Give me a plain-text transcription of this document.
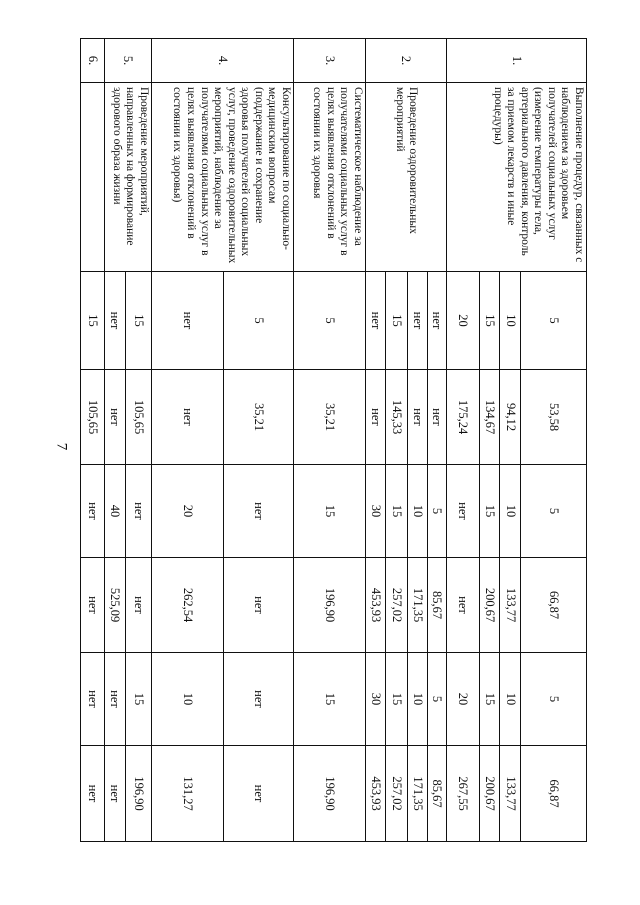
7
1.	Выполнение процедур, связанных с наблюдением за здоровьем получателей социальных услуг (измерение температуры тела, артериального давления, контроль за приемом лекарств и иные процедуры)	5	53,58	5	66,87	5	66,87
		10	94,12	10	133,77	10	133,77
		15	134,67	15	200,67	15	200,67
		20	175,24	нет	нет	20	267,55
2.	Проведение оздоровительных мероприятий	нет	нет	5	85,67	5	85,67
		нет	нет	10	171,35	10	171,35
		15	145,33	15	257,02	15	257,02
		нет	нет	30	453,93	30	453,93
3.	Систематическое наблюдение за получателями социальных услуг в целях выявления отклонений в состоянии их здоровья	5	35,21	15	196,90	15	196,90
4.	Консультирование по социально-медицинским вопросам (поддержание и сохранение здоровья получателей социальных услуг, проведение оздоровительных мероприятий, наблюдение за получателями социальных услуг в целях выявления отклонений в состоянии их здоровья)	5	35,21	нет	нет	нет	нет
		нет	нет	20	262,54	10	131,27
5.	Проведение мероприятий, направленных на формирование здорового образа жизни	15	105,65	нет	нет	15	196,90
		нет	нет	40	525,09	нет	нет
6.		15	105,65	нет	нет	нет	нет
